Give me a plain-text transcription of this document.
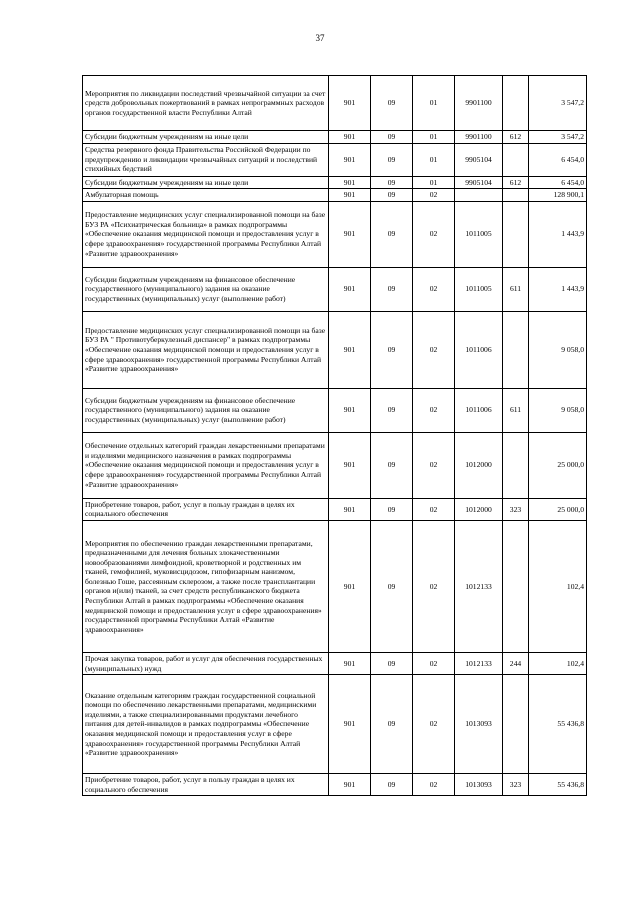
37
Мероприятия по ликвидации последствий чрезвычайной ситуации за счет средств добровольных пожертвований в рамках непрограммных расходов органов государственной власти Республики Алтай	901	09	01	9901100		3 547,2
Субсидии бюджетным учреждениям на иные цели	901	09	01	9901100	612	3 547,2
Средства резервного фонда Правительства Российской Федерации по предупреждению и ликвидации чрезвычайных ситуаций и последствий стихийных бедствий	901	09	01	9905104		6 454,0
Субсидии бюджетным учреждениям на иные цели	901	09	01	9905104	612	6 454,0
Амбулаторная помощь	901	09	02			128 900,1
Предоставление медицинских услуг специализированной помощи на базе БУЗ РА «Психиатрическая больница» в рамках подпрограммы «Обеспечение оказания медицинской помощи и предоставления услуг в сфере здравоохранения» государственной программы Республики Алтай «Развитие здравоохранения»	901	09	02	1011005		1 443,9
Субсидии бюджетным учреждениям на финансовое обеспечение государственного (муниципального) задания на оказание государственных (муниципальных) услуг (выполнение работ)	901	09	02	1011005	611	1 443,9
Предоставление медицинских услуг специализированной помощи на базе БУЗ РА " Противотуберкулезный диспансер" в рамках подпрограммы «Обеспечение оказания медицинской помощи и предоставления услуг в сфере здравоохранения» государственной программы Республики Алтай «Развитие здравоохранения»	901	09	02	1011006		9 058,0
Субсидии бюджетным учреждениям на финансовое обеспечение государственного (муниципального) задания на оказание государственных (муниципальных) услуг (выполнение работ)	901	09	02	1011006	611	9 058,0
Обеспечение отдельных категорий граждан лекарственными препаратами и изделиями медицинского назначения в рамках подпрограммы «Обеспечение оказания медицинской помощи и предоставления услуг в сфере здравоохранения» государственной программы Республики Алтай «Развитие здравоохранения»	901	09	02	1012000		25 000,0
Приобретение товаров, работ, услуг в пользу граждан в целях их социального обеспечения	901	09	02	1012000	323	25 000,0
Мероприятия по обеспечению граждан лекарственными препаратами, предназначенными для лечения больных злокачественными новообразованиями лимфоидной, кроветворной и родственных им тканей, гемофилией, муковисцидозом, гипофизарным нанизмом, болезнью Гоше, рассеянным склерозом, а также после трансплантации органов и(или) тканей, за счет средств республиканского бюджета Республики Алтай в рамках подпрограммы «Обеспечение оказания медицинской помощи и предоставления услуг в сфере здравоохранения» государственной программы Республики Алтай «Развитие здравоохранения»	901	09	02	1012133		102,4
Прочая закупка товаров, работ и услуг для обеспечения государственных (муниципальных) нужд	901	09	02	1012133	244	102,4
Оказание отдельным категориям граждан государственной социальной помощи по обеспечению лекарственными препаратами, медицинскими изделиями, а также специализированными продуктами лечебного питания для детей-инвалидов в рамках подпрограммы «Обеспечение оказания медицинской помощи и предоставления услуг в сфере здравоохранения» государственной программы Республики Алтай «Развитие здравоохранения»	901	09	02	1013093		55 436,8
Приобретение товаров, работ, услуг в пользу граждан в целях их социального обеспечения	901	09	02	1013093	323	55 436,8
